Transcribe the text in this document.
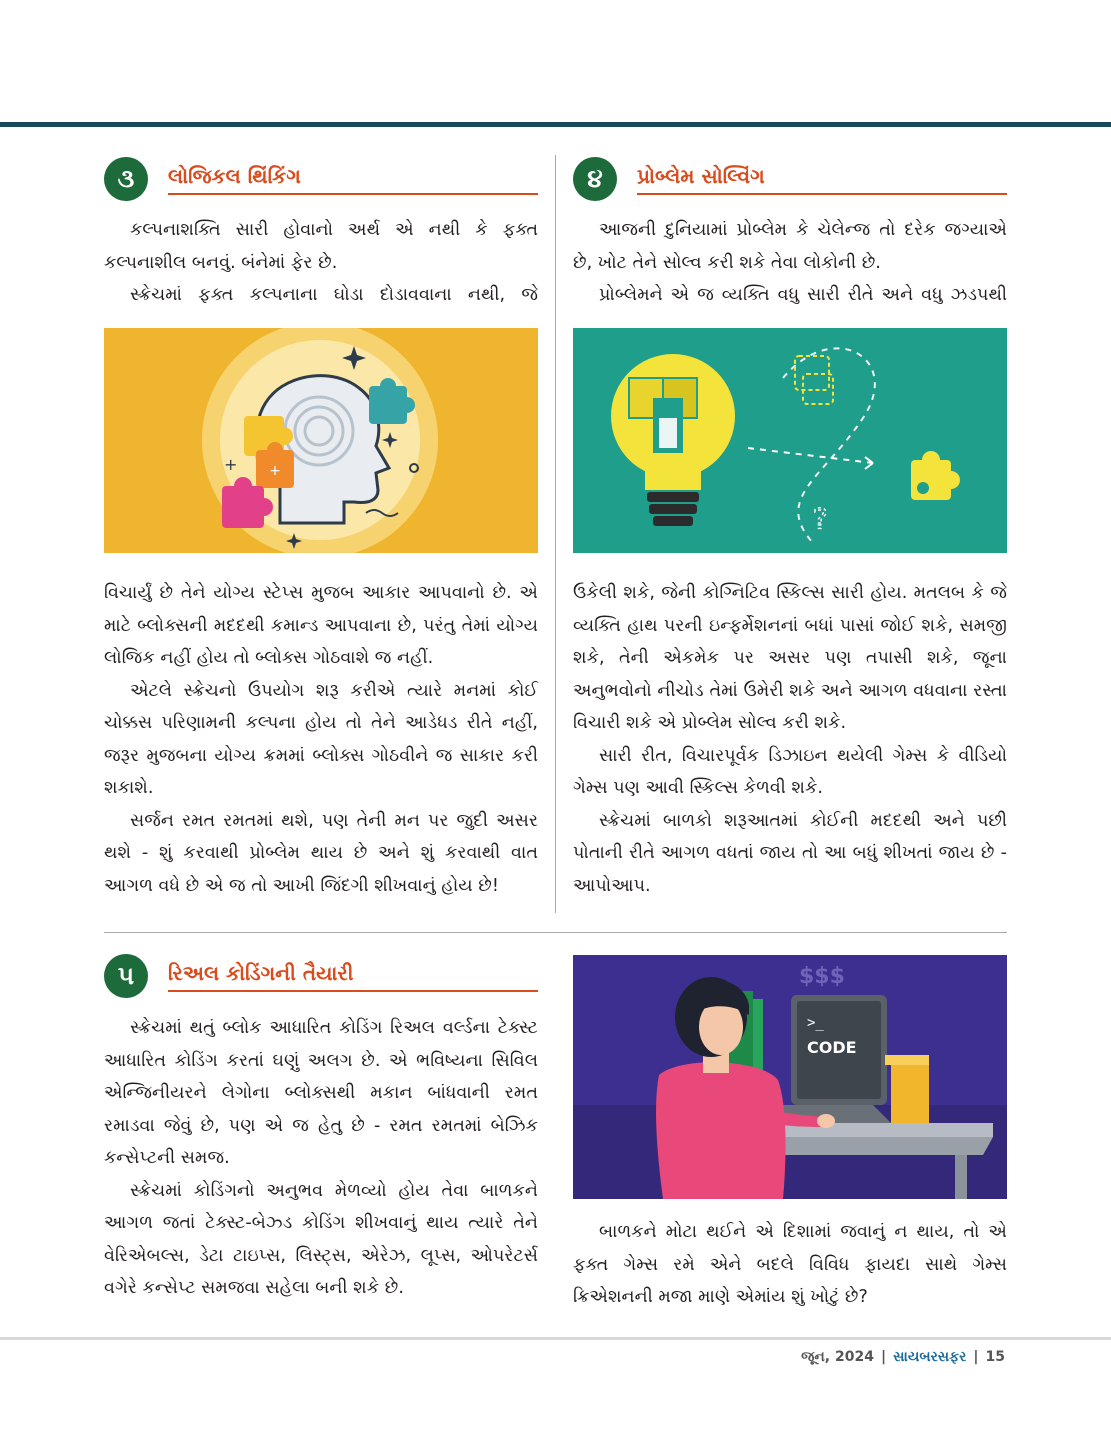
૩	લોજિકલ થિંકિંગ

કલ્પનાશક્તિ સારી હોવાનો અર્થ એ નથી કે ફક્ત કલ્પનાશીલ બનવું. બંનેમાં ફેર છે.

સ્ક્રેચમાં ફક્ત કલ્પનાના ઘોડા દોડાવવાના નથી, જે

+
+

વિચાર્યું છે તેને યોગ્ય સ્ટેપ્સ મુજબ આકાર આપવાનો છે. એ માટે બ્લોક્સની મદદથી કમાન્ડ આપવાના છે, પરંતુ તેમાં યોગ્ય લોજિક નહીં હોય તો બ્લોક્સ ગોઠવાશે જ નહીં.

એટલે સ્ક્રેચનો ઉપયોગ શરૂ કરીએ ત્યારે મનમાં કોઈ ચોક્કસ પરિણામની કલ્પના હોય તો તેને આડેધડ રીતે નહીં, જરૂર મુજબના યોગ્ય ક્રમમાં બ્લોક્સ ગોઠવીને જ સાકાર કરી શકાશે.

સર્જન રમત રમતમાં થશે, પણ તેની મન પર જુદી અસર થશે - શું કરવાથી પ્રોબ્લેમ થાય છે અને શું કરવાથી વાત આગળ વધે છે એ જ તો આખી જિંદગી શીખવાનું હોય છે!

૪	પ્રોબ્લેમ સોલ્વિંગ

આજની દુનિયામાં પ્રોબ્લેમ કે ચેલેન્જ તો દરેક જગ્યાએ છે, ખોટ તેને સોલ્વ કરી શકે તેવા લોકોની છે.

પ્રોબ્લેમને એ જ વ્યક્તિ વધુ સારી રીતે અને વધુ ઝડપથી

?

ઉકેલી શકે, જેની કોગ્નિટિવ સ્કિલ્સ સારી હોય. મતલબ કે જે વ્યક્તિ હાથ પરની ઇન્ફર્મેશનનાં બધાં પાસાં જોઈ શકે, સમજી શકે, તેની એકમેક પર અસર પણ તપાસી શકે, જૂના અનુભવોનો નીચોડ તેમાં ઉમેરી શકે અને આગળ વધવાના રસ્તા વિચારી શકે એ પ્રોબ્લેમ સોલ્વ કરી શકે.

સારી રીત, વિચારપૂર્વક ડિઝાઇન થયેલી ગેમ્સ કે વીડિયો ગેમ્સ પણ આવી સ્કિલ્સ કેળવી શકે.

સ્ક્રેચમાં બાળકો શરૂઆતમાં કોઈની મદદથી અને પછી પોતાની રીતે આગળ વધતાં જાય તો આ બધું શીખતાં જાય છે - આપોઆપ.

૫	રિઅલ કોડિંગની તૈયારી

સ્ક્રેચમાં થતું બ્લોક આધારિત કોડિંગ રિઅલ વર્લ્ડના ટેક્સ્ટ આધારિત કોડિંગ કરતાં ઘણું અલગ છે. એ ભવિષ્યના સિવિલ એન્જિનીયરને લેગોના બ્લોક્સથી મકાન બાંધવાની રમત રમાડવા જેવું છે, પણ એ જ હેતુ છે - રમત રમતમાં બેઝિક કન્સેપ્ટની સમજ.

સ્ક્રેચમાં કોડિંગનો અનુભવ મેળવ્યો હોય તેવા બાળકને આગળ જતાં ટેક્સ્ટ-બેઝ્ડ કોડિંગ શીખવાનું થાય ત્યારે તેને વેરિએબલ્સ, ડેટા ટાઇપ્સ, લિસ્ટ્સ, એરેઝ, લૂપ્સ, ઓપરેટર્સ વગેરે કન્સેપ્ટ સમજવા સહેલા બની શકે છે.

$$$
>_
CODE

બાળકને મોટા થઈને એ દિશામાં જવાનું ન થાય, તો એ ફક્ત ગેમ્સ રમે એને બદલે વિવિધ ફાયદા સાથે ગેમ્સ ક્રિએશનની મજા માણે એમાંય શું ખોટું છે?

જૂન, 2024 | સાયબરસફર | 15
